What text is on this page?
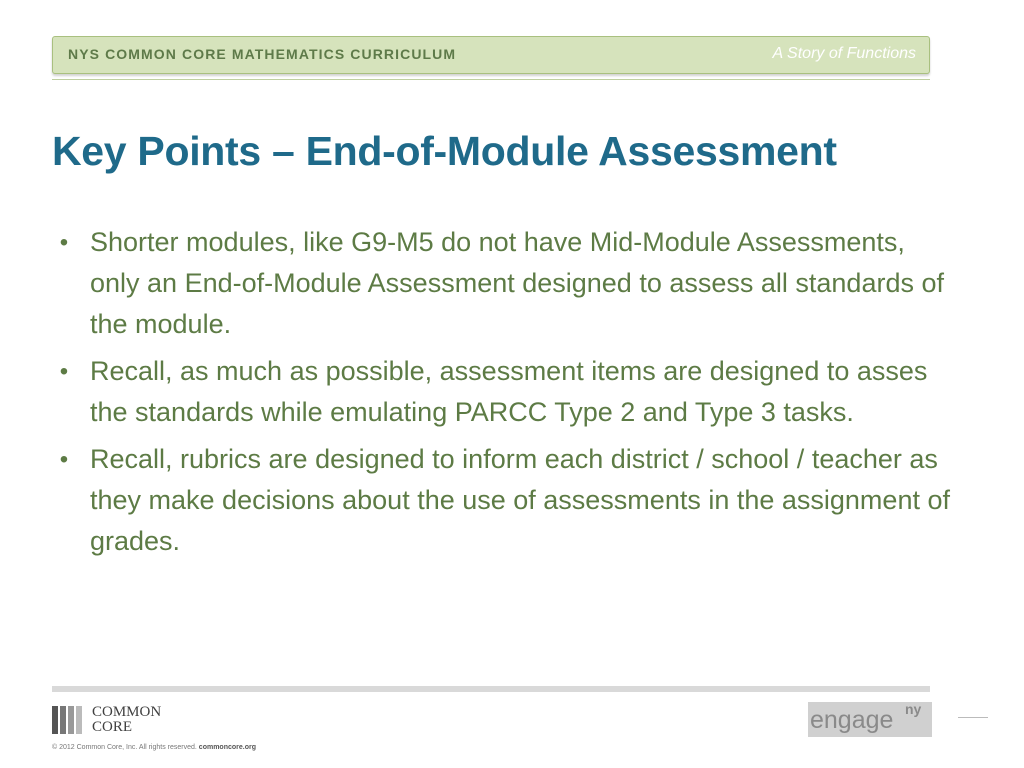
NYS COMMON CORE MATHEMATICS CURRICULUM	A Story of Functions
Key Points – End-of-Module Assessment
• Shorter modules, like G9-M5 do not have Mid-Module Assessments, only an End-of-Module Assessment designed to assess all standards of the module.
• Recall, as much as possible, assessment items are designed to asses the standards while emulating PARCC Type 2 and Type 3 tasks.
• Recall, rubrics are designed to inform each district / school / teacher as they make decisions about the use of assessments in the assignment of grades.
COMMON
CORE
© 2012 Common Core, Inc. All rights reserved. commoncore.org
engage ny
